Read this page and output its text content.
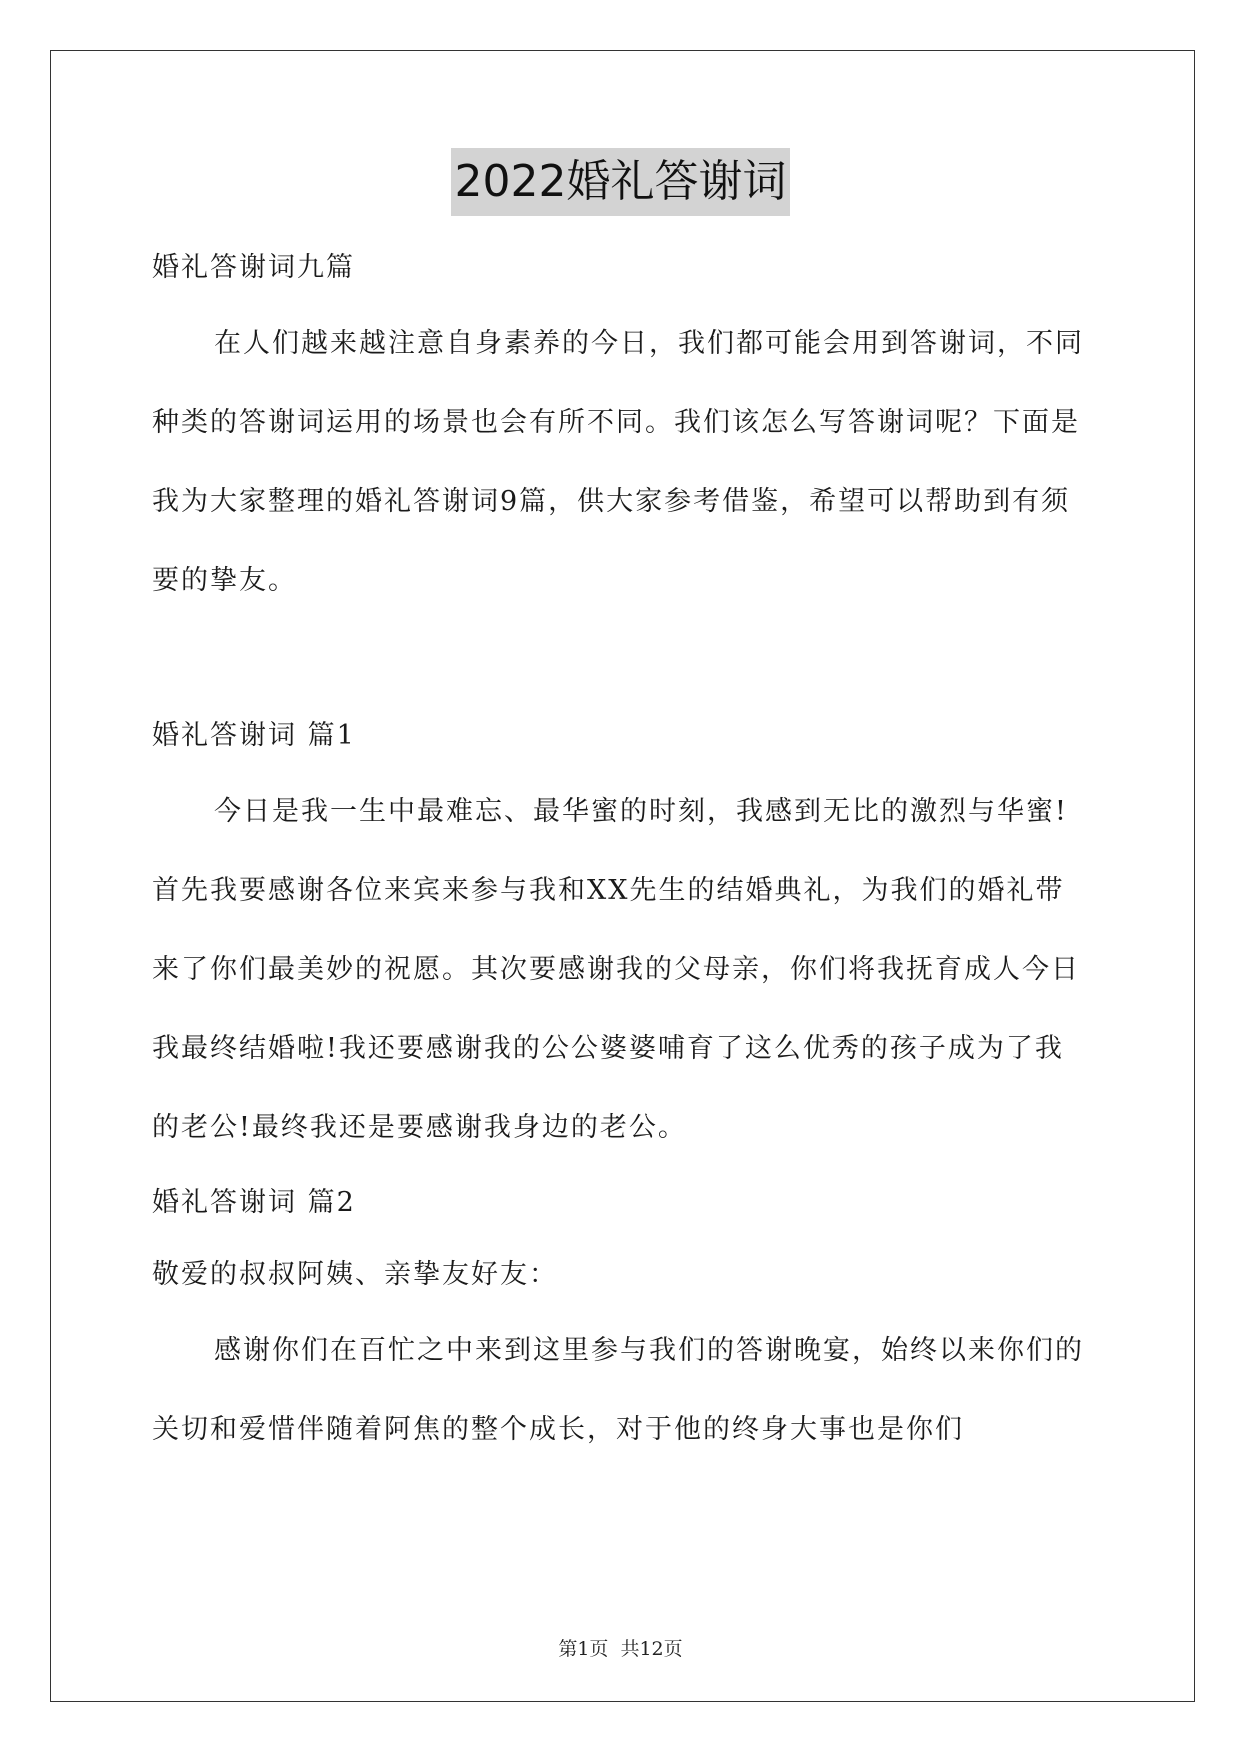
2022婚礼答谢词
婚礼答谢词九篇

在人们越来越注意自身素养的今日，我们都可能会用到答谢词，不同种类的答谢词运用的场景也会有所不同。我们该怎么写答谢词呢？下面是我为大家整理的婚礼答谢词9篇，供大家参考借鉴，希望可以帮助到有须要的挚友。

婚礼答谢词 篇1

今日是我一生中最难忘、最华蜜的时刻，我感到无比的激烈与华蜜!首先我要感谢各位来宾来参与我和XX先生的结婚典礼，为我们的婚礼带来了你们最美妙的祝愿。其次要感谢我的父母亲，你们将我抚育成人今日我最终结婚啦!我还要感谢我的公公婆婆哺育了这么优秀的孩子成为了我的老公!最终我还是要感谢我身边的老公。

婚礼答谢词 篇2
敬爱的叔叔阿姨、亲挚友好友：

感谢你们在百忙之中来到这里参与我们的答谢晚宴，始终以来你们的关切和爱惜伴随着阿焦的整个成长，对于他的终身大事也是你们

第1页 共12页
